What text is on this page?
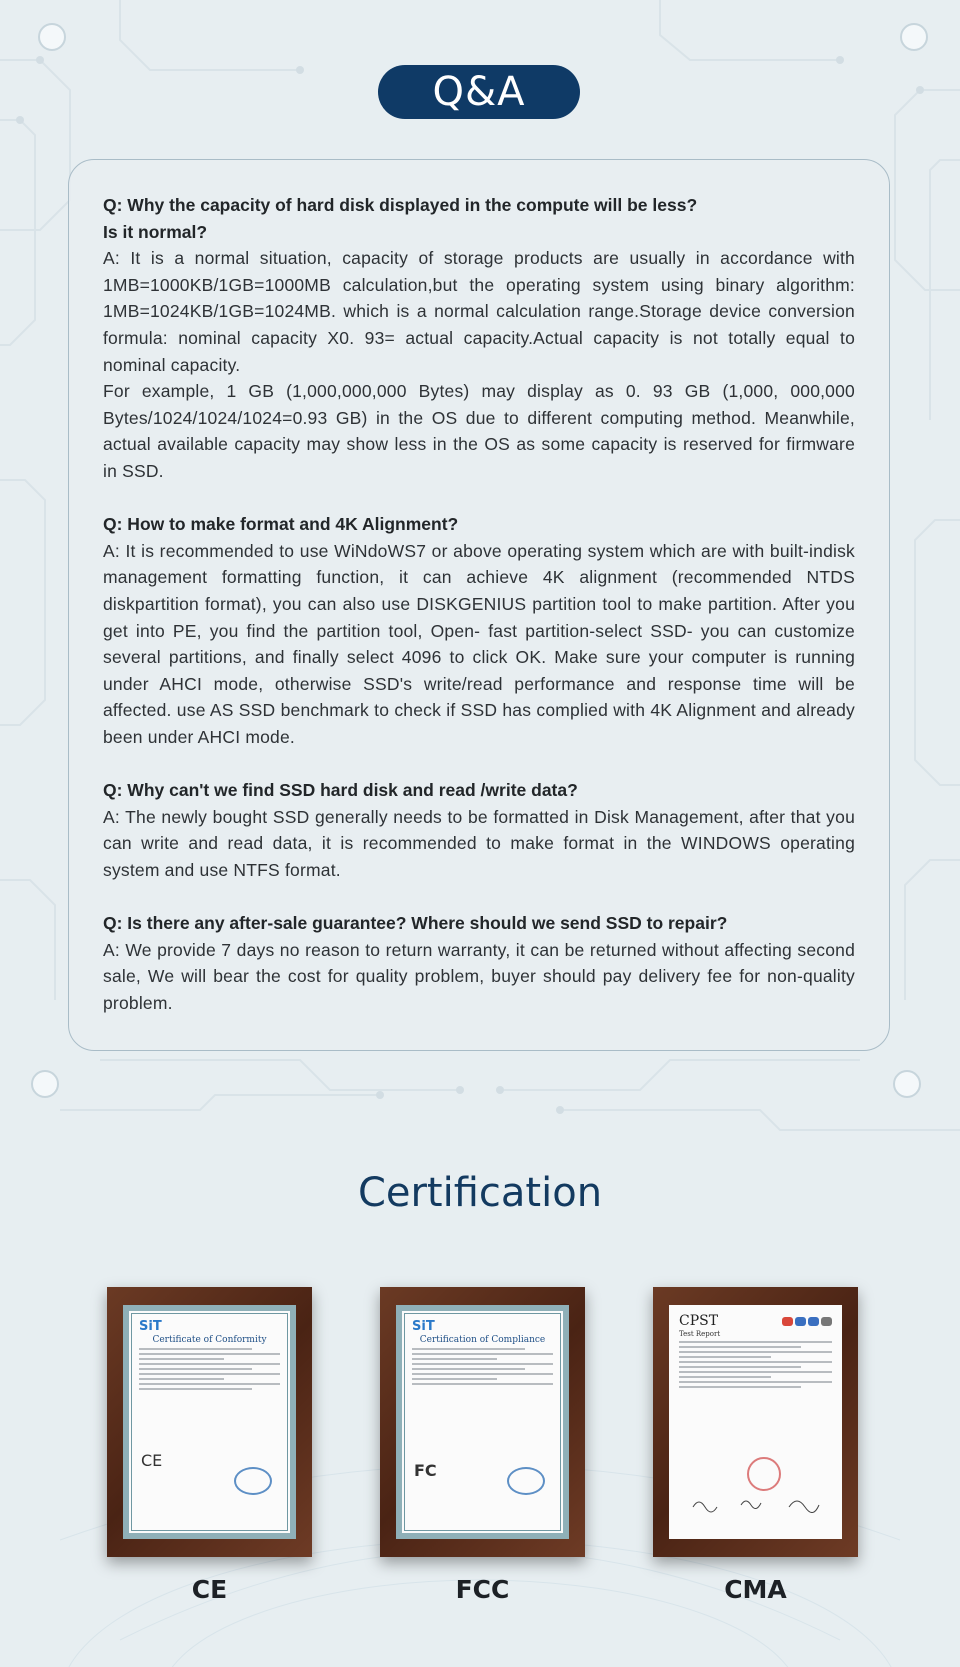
Q&A
Q: Why the capacity of hard disk displayed in the compute will be less?
Is it normal?

A: It is a normal situation, capacity of storage products are usually in accordance with 1MB=1000KB/1GB=1000MB calculation,but the operating system using binary algorithm: 1MB=1024KB/1GB=1024MB. which is a normal calculation range.Storage device conversion formula: nominal capacity X0. 93= actual capacity.Actual capacity is not totally equal to nominal capacity.

For example, 1 GB (1,000,000,000 Bytes) may display as 0. 93 GB (1,000, 000,000 Bytes/1024/1024/1024=0.93 GB) in the OS due to different computing method. Meanwhile, actual available capacity may show less in the OS as some capacity is reserved for firmware in SSD.

Q: How to make format and 4K Alignment?

A: It is recommended to use WiNdoWS7 or above operating system which are with built-indisk management formatting function, it can achieve 4K alignment (recommended NTDS diskpartition format), you can also use DISKGENIUS partition tool to make partition. After you get into PE, you find the partition tool, Open- fast partition-select SSD- you can customize several partitions, and finally select 4096 to click OK. Make sure your computer is running under AHCI mode, otherwise SSD's write/read performance and response time will be affected. use AS SSD benchmark to check if SSD has complied with 4K Alignment and already been under AHCI mode.

Q: Why can't we find SSD hard disk and read /write data?

A: The newly bought SSD generally needs to be formatted in Disk Management, after that you can write and read data, it is recommended to make format in the WINDOWS operating system and use NTFS format.

Q: Is there any after-sale guarantee? Where should we send SSD to repair?

A: We provide 7 days no reason to return warranty, it can be returned without affecting second sale, We will bear the cost for quality problem, buyer should pay delivery fee for non-quality problem.

Certification
SiT
Certificate of Conformity
CE
SiT
Certification of Compliance
FC
CPST
Test Report
CE	FCC	CMA
